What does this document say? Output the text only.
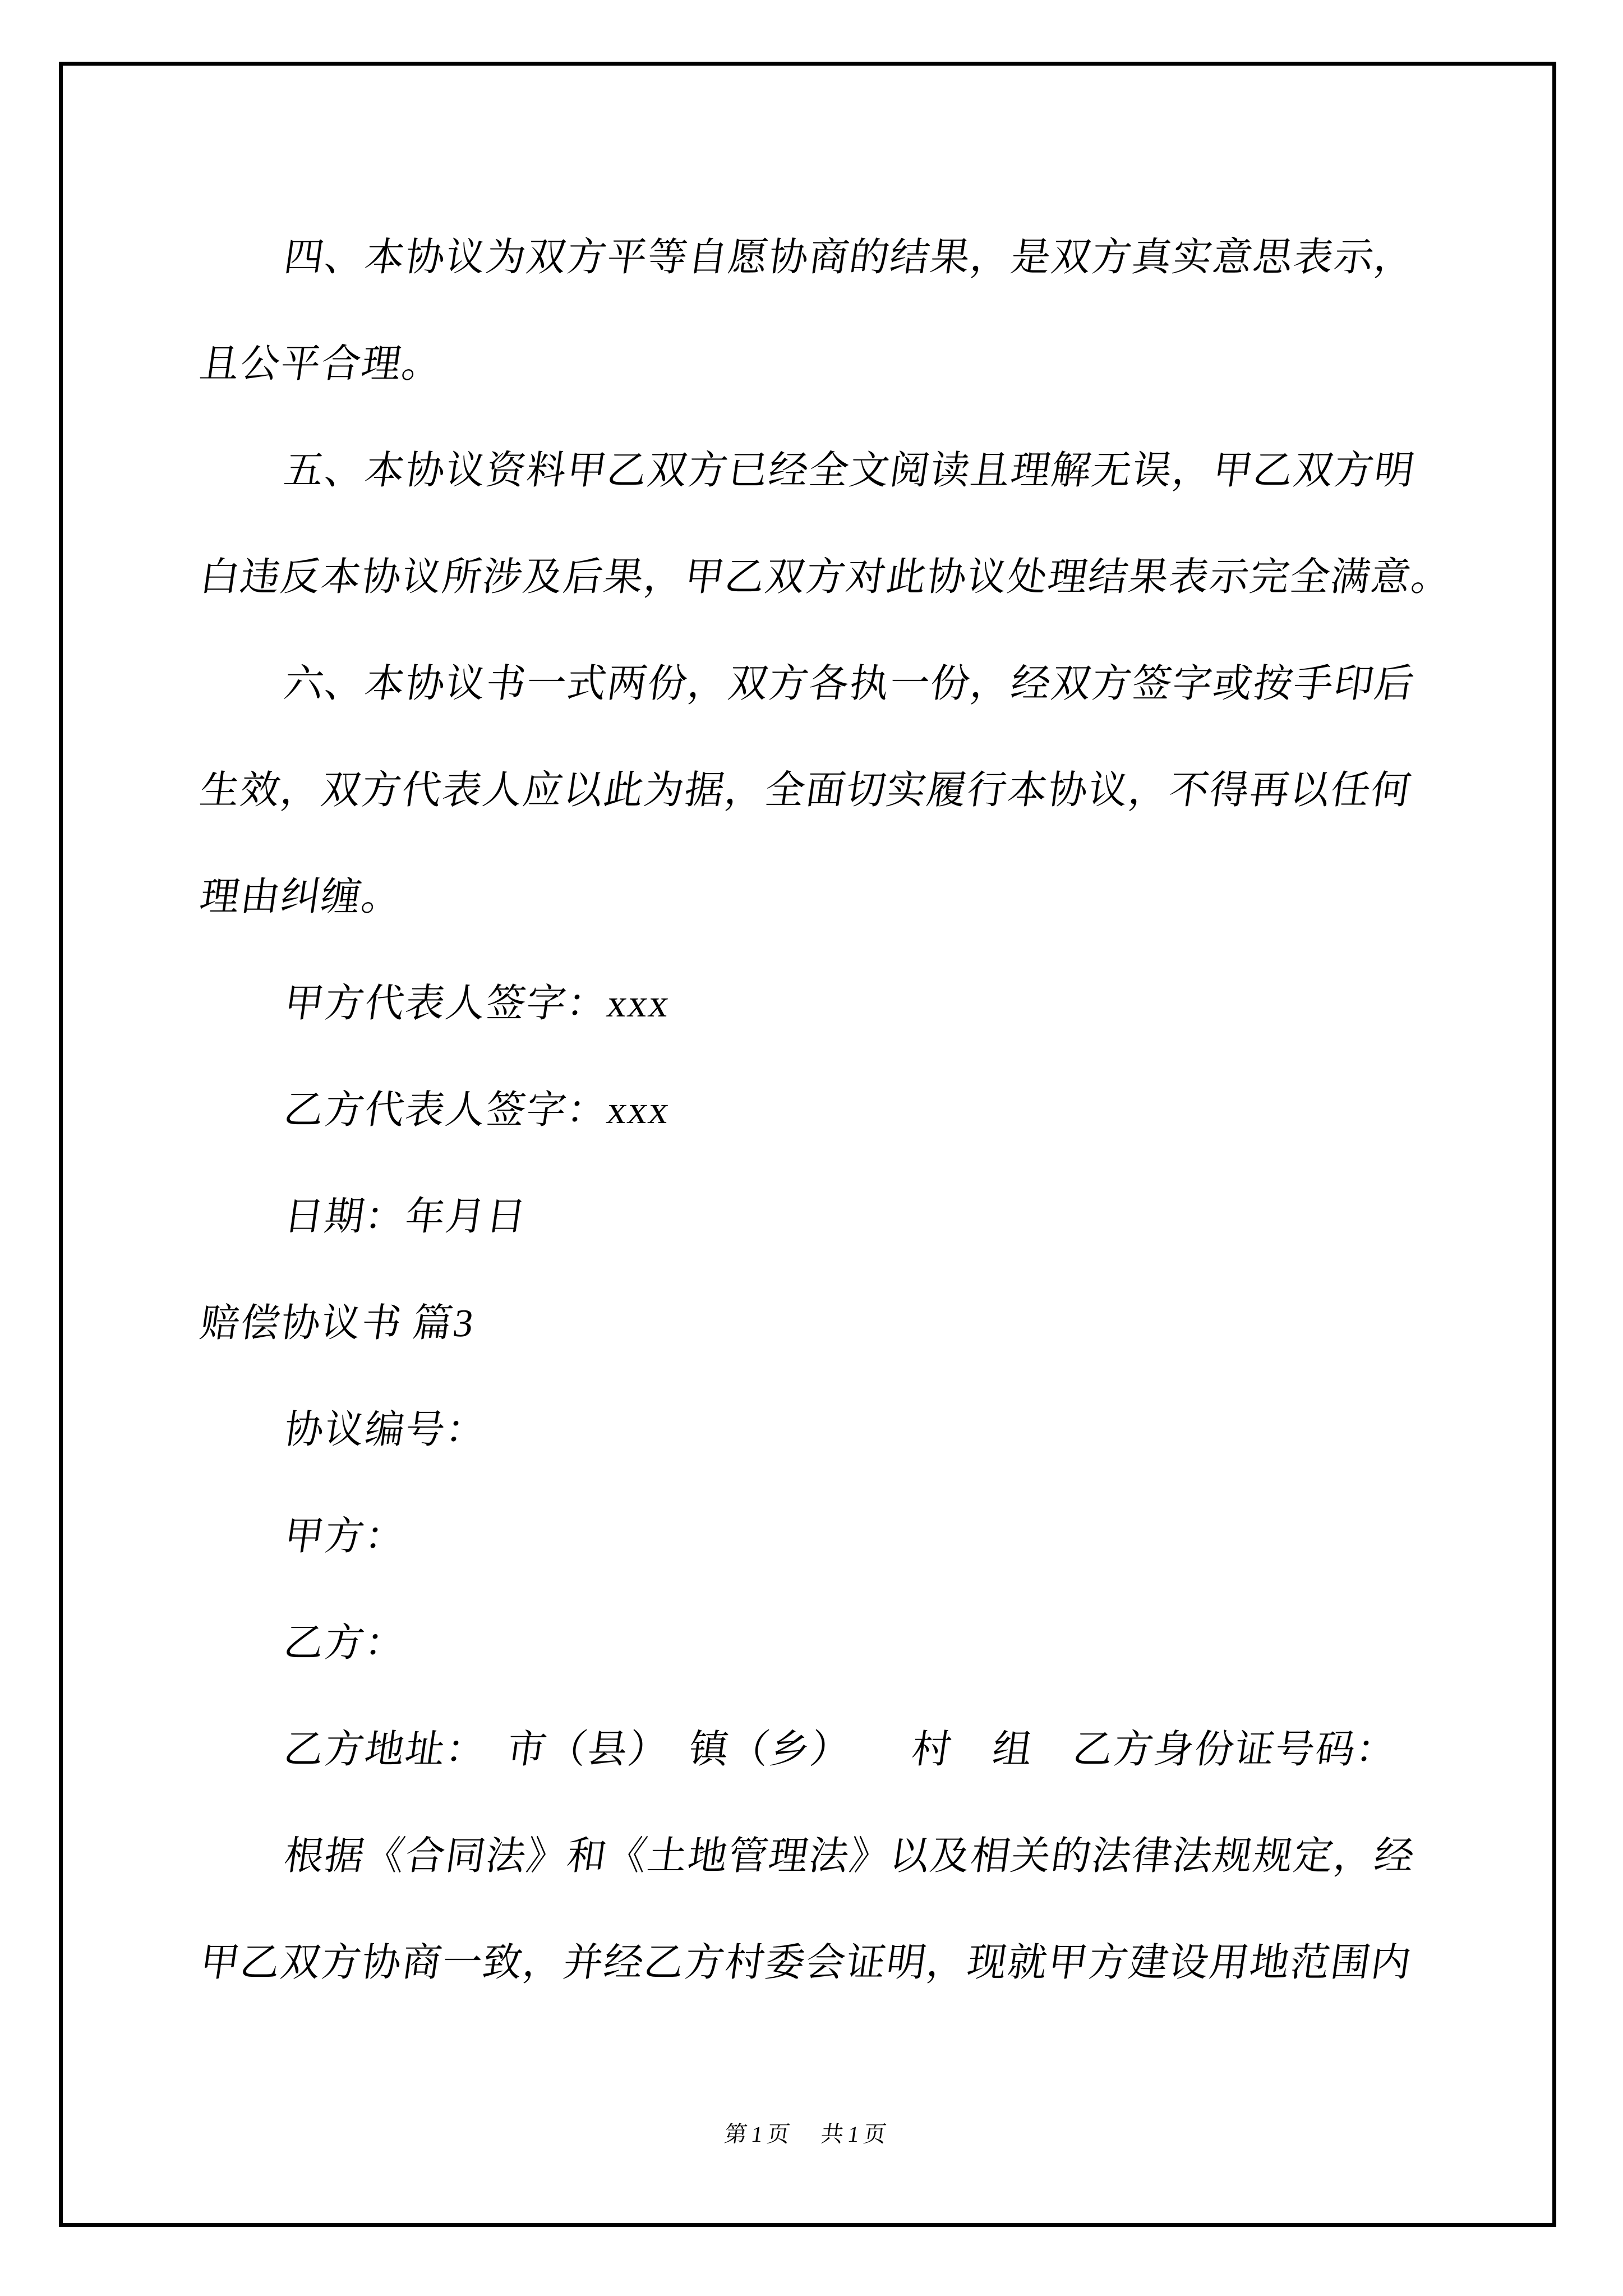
四、本协议为双方平等自愿协商的结果，是双方真实意思表示，
且公平合理。
五、本协议资料甲乙双方已经全文阅读且理解无误，甲乙双方明
白违反本协议所涉及后果，甲乙双方对此协议处理结果表示完全满意。
六、本协议书一式两份，双方各执一份，经双方签字或按手印后
生效，双方代表人应以此为据，全面切实履行本协议，不得再以任何
理由纠缠。
甲方代表人签字：xxx
乙方代表人签字：xxx
日期：年月日
赔偿协议书 篇3
协议编号：
甲方：
乙方：
乙方地址：　市（县）　镇（乡）　　村　组　乙方身份证号码：
根据《合同法》和《土地管理法》以及相关的法律法规规定，经
甲乙双方协商一致，并经乙方村委会证明，现就甲方建设用地范围内
第1页　共1页
